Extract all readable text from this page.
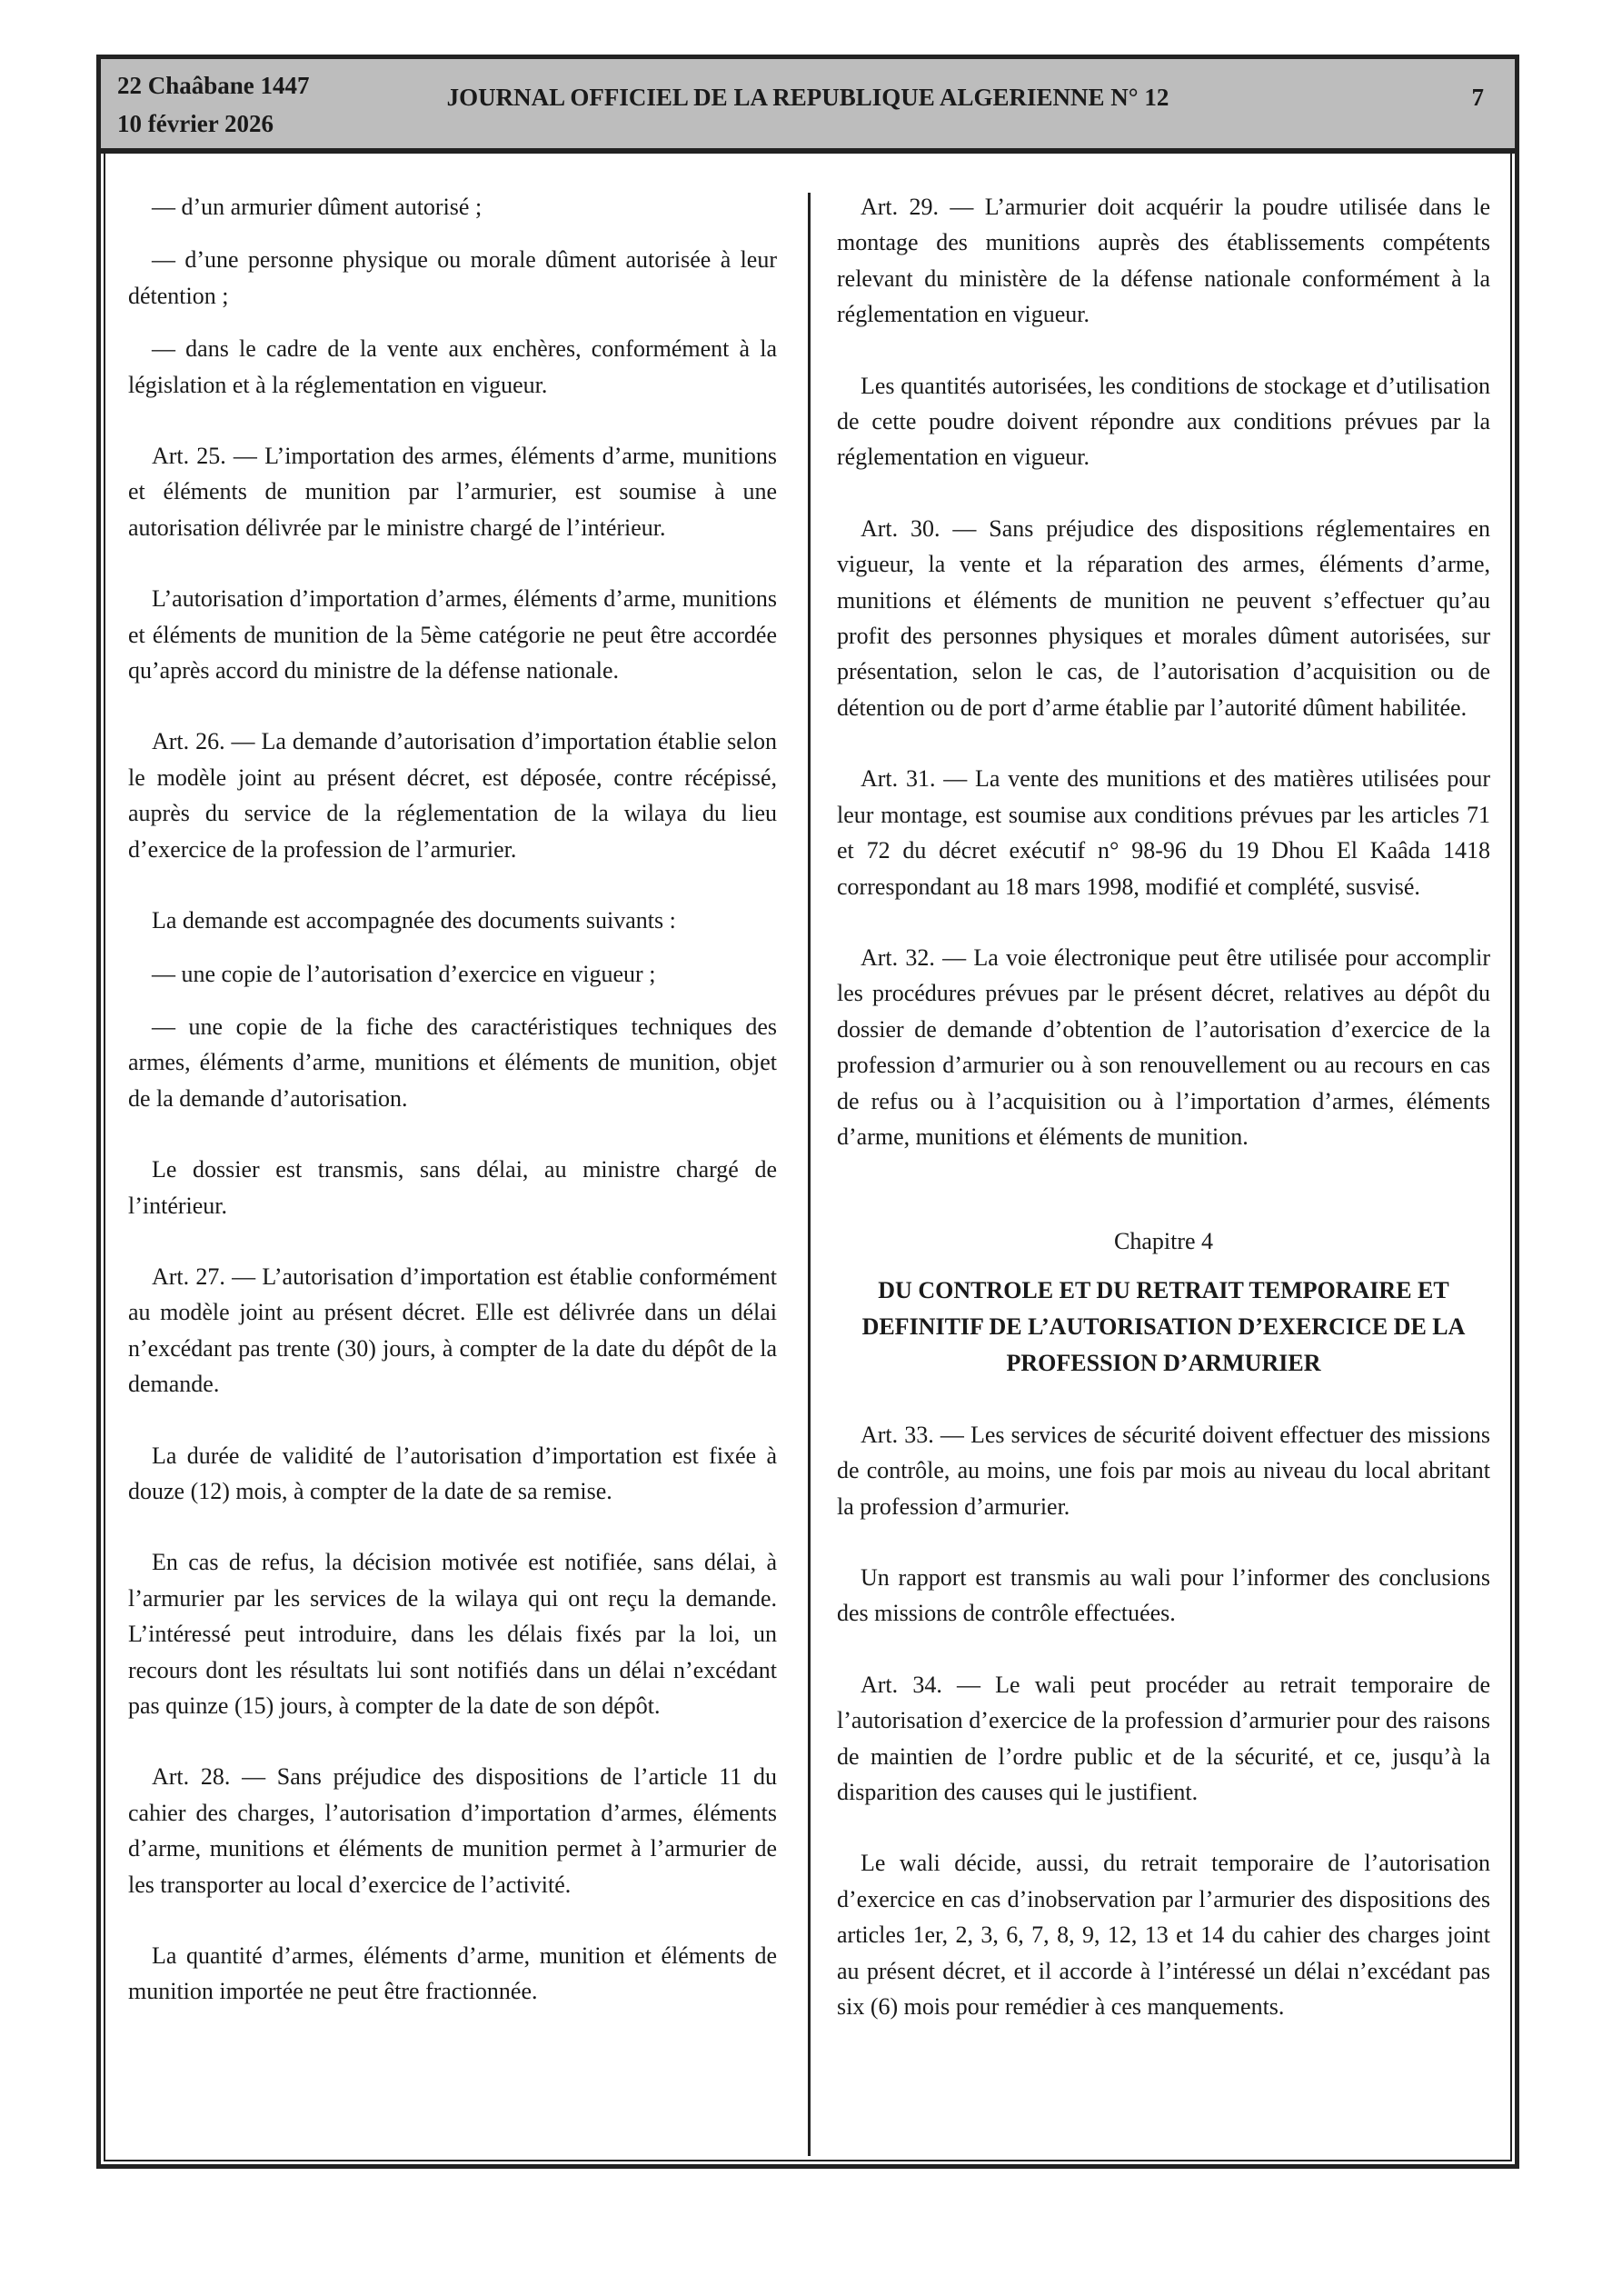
22 Chaâbane 1447
10 février 2026
JOURNAL OFFICIEL DE LA REPUBLIQUE ALGERIENNE N° 12	7

— d’un armurier dûment autorisé ;

— d’une personne physique ou morale dûment autorisée à leur détention ;

— dans le cadre de la vente aux enchères, conformément à la législation et à la réglementation en vigueur.

Art. 25. — L’importation des armes, éléments d’arme, munitions et éléments de munition par l’armurier, est soumise à une autorisation délivrée par le ministre chargé de l’intérieur.

L’autorisation d’importation d’armes, éléments d’arme, munitions et éléments de munition de la 5ème catégorie ne peut être accordée qu’après accord du ministre de la défense nationale.

Art. 26. — La demande d’autorisation d’importation établie selon le modèle joint au présent décret, est déposée, contre récépissé, auprès du service de la réglementation de la wilaya du lieu d’exercice de la profession de l’armurier.

La demande est accompagnée des documents suivants :

— une copie de l’autorisation d’exercice en vigueur ;

— une copie de la fiche des caractéristiques techniques des armes, éléments d’arme, munitions et éléments de munition, objet de la demande d’autorisation.

Le dossier est transmis, sans délai, au ministre chargé de l’intérieur.

Art. 27. — L’autorisation d’importation est établie conformément au modèle joint au présent décret. Elle est délivrée dans un délai n’excédant pas trente (30) jours, à compter de la date du dépôt de la demande.

La durée de validité de l’autorisation d’importation est fixée à douze (12) mois, à compter de la date de sa remise.

En cas de refus, la décision motivée est notifiée, sans délai, à l’armurier par les services de la wilaya qui ont reçu la demande. L’intéressé peut introduire, dans les délais fixés par la loi, un recours dont les résultats lui sont notifiés dans un délai n’excédant pas quinze (15) jours, à compter de la date de son dépôt.

Art. 28. — Sans préjudice des dispositions de l’article 11 du cahier des charges, l’autorisation d’importation d’armes, éléments d’arme, munitions et éléments de munition permet à l’armurier de les transporter au local d’exercice de l’activité.

La quantité d’armes, éléments d’arme, munition et éléments de munition importée ne peut être fractionnée.

Art. 29. — L’armurier doit acquérir la poudre utilisée dans le montage des munitions auprès des établissements compétents relevant du ministère de la défense nationale conformément à la réglementation en vigueur.

Les quantités autorisées, les conditions de stockage et d’utilisation de cette poudre doivent répondre aux conditions prévues par la réglementation en vigueur.

Art. 30. — Sans préjudice des dispositions réglementaires en vigueur, la vente et la réparation des armes, éléments d’arme, munitions et éléments de munition ne peuvent s’effectuer qu’au profit des personnes physiques et morales dûment autorisées, sur présentation, selon le cas, de l’autorisation d’acquisition ou de détention ou de port d’arme établie par l’autorité dûment habilitée.

Art. 31. — La vente des munitions et des matières utilisées pour leur montage, est soumise aux conditions prévues par les articles 71 et 72 du décret exécutif n° 98-96 du 19 Dhou El Kaâda 1418 correspondant au 18 mars 1998, modifié et complété, susvisé.

Art. 32. — La voie électronique peut être utilisée pour accomplir les procédures prévues par le présent décret, relatives au dépôt du dossier de demande d’obtention de l’autorisation d’exercice de la profession d’armurier ou à son renouvellement ou au recours en cas de refus ou à l’acquisition ou à l’importation d’armes, éléments d’arme, munitions et éléments de munition.

Chapitre 4

DU CONTROLE ET DU RETRAIT TEMPORAIRE ET DEFINITIF DE L’AUTORISATION D’EXERCICE DE LA PROFESSION D’ARMURIER

Art. 33. — Les services de sécurité doivent effectuer des missions de contrôle, au moins, une fois par mois au niveau du local abritant la profession d’armurier.

Un rapport est transmis au wali pour l’informer des conclusions des missions de contrôle effectuées.

Art. 34. — Le wali peut procéder au retrait temporaire de l’autorisation d’exercice de la profession d’armurier pour des raisons de maintien de l’ordre public et de la sécurité, et ce, jusqu’à la disparition des causes qui le justifient.

Le wali décide, aussi, du retrait temporaire de l’autorisation d’exercice en cas d’inobservation par l’armurier des dispositions des articles 1er, 2, 3, 6, 7, 8, 9, 12, 13 et 14 du cahier des charges joint au présent décret, et il accorde à l’intéressé un délai n’excédant pas six (6) mois pour remédier à ces manquements.
